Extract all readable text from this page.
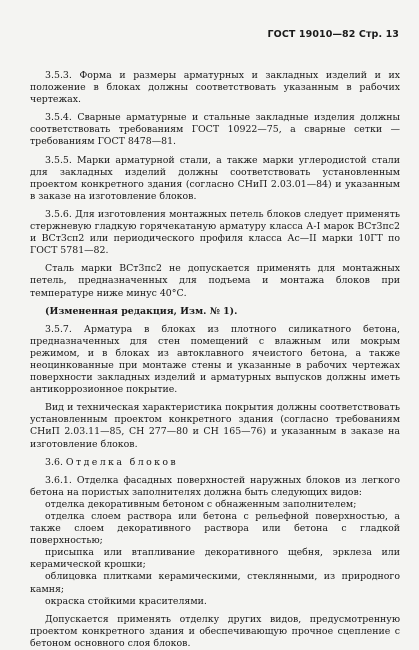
ГОСТ 19010—82 Стр. 13

3.5.3. Форма и размеры арматурных и закладных изделий и их положение в блоках должны соответствовать указанным в рабочих чертежах.

3.5.4. Сварные арматурные и стальные закладные изделия должны соответствовать требованиям ГОСТ 10922—75, а сварные сетки — требованиям ГОСТ 8478—81.

3.5.5. Марки арматурной стали, а также марки углеродистой стали для закладных изделий должны соответствовать установленным проектом конкретного здания (согласно СНиП 2.03.01—84) и указанным в заказе на изготовление блоков.

3.5.6. Для изготовления монтажных петель блоков следует применять стержневую гладкую горячекатаную арматуру класса А-I марок ВСт3пс2 и ВСт3сп2 или периодического профиля класса Ас—II марки 10ГТ по ГОСТ 5781—82.

Сталь марки ВСт3пс2 не допускается применять для монтажных петель, предназначенных для подъема и монтажа блоков при температуре ниже минус 40°С.

(Измененная редакция, Изм. № 1).

3.5.7. Арматура в блоках из плотного силикатного бетона, предназначенных для стен помещений с влажным или мокрым режимом, и в блоках из автоклавного ячеистого бетона, а также неоцинкованные при монтаже стены и указанные в рабочих чертежах поверхности закладных изделий и арматурных выпусков должны иметь антикоррозионное покрытие.

Вид и техническая характеристика покрытия должны соответствовать установленным проектом конкретного здания (согласно требованиям СНиП 2.03.11—85, СН 277—80 и СН 165—76) и указанным в заказе на изготовление блоков.

3.6. Отделка блоков

3.6.1. Отделка фасадных поверхностей наружных блоков из легкого бетона на пористых заполнителях должна быть следующих видов:

отделка декоративным бетоном с обнаженным заполнителем;

отделка слоем раствора или бетона с рельефной поверхностью, а также слоем декоративного раствора или бетона с гладкой поверхностью;

присыпка или втапливание декоративного щебня, эрклеза или керамической крошки;

облицовка плитками керамическими, стеклянными, из природного камня;

окраска стойкими красителями.

Допускается применять отделку других видов, предусмотренную проектом конкретного здания и обеспечивающую прочное сцепление с бетоном основного слоя блоков.
